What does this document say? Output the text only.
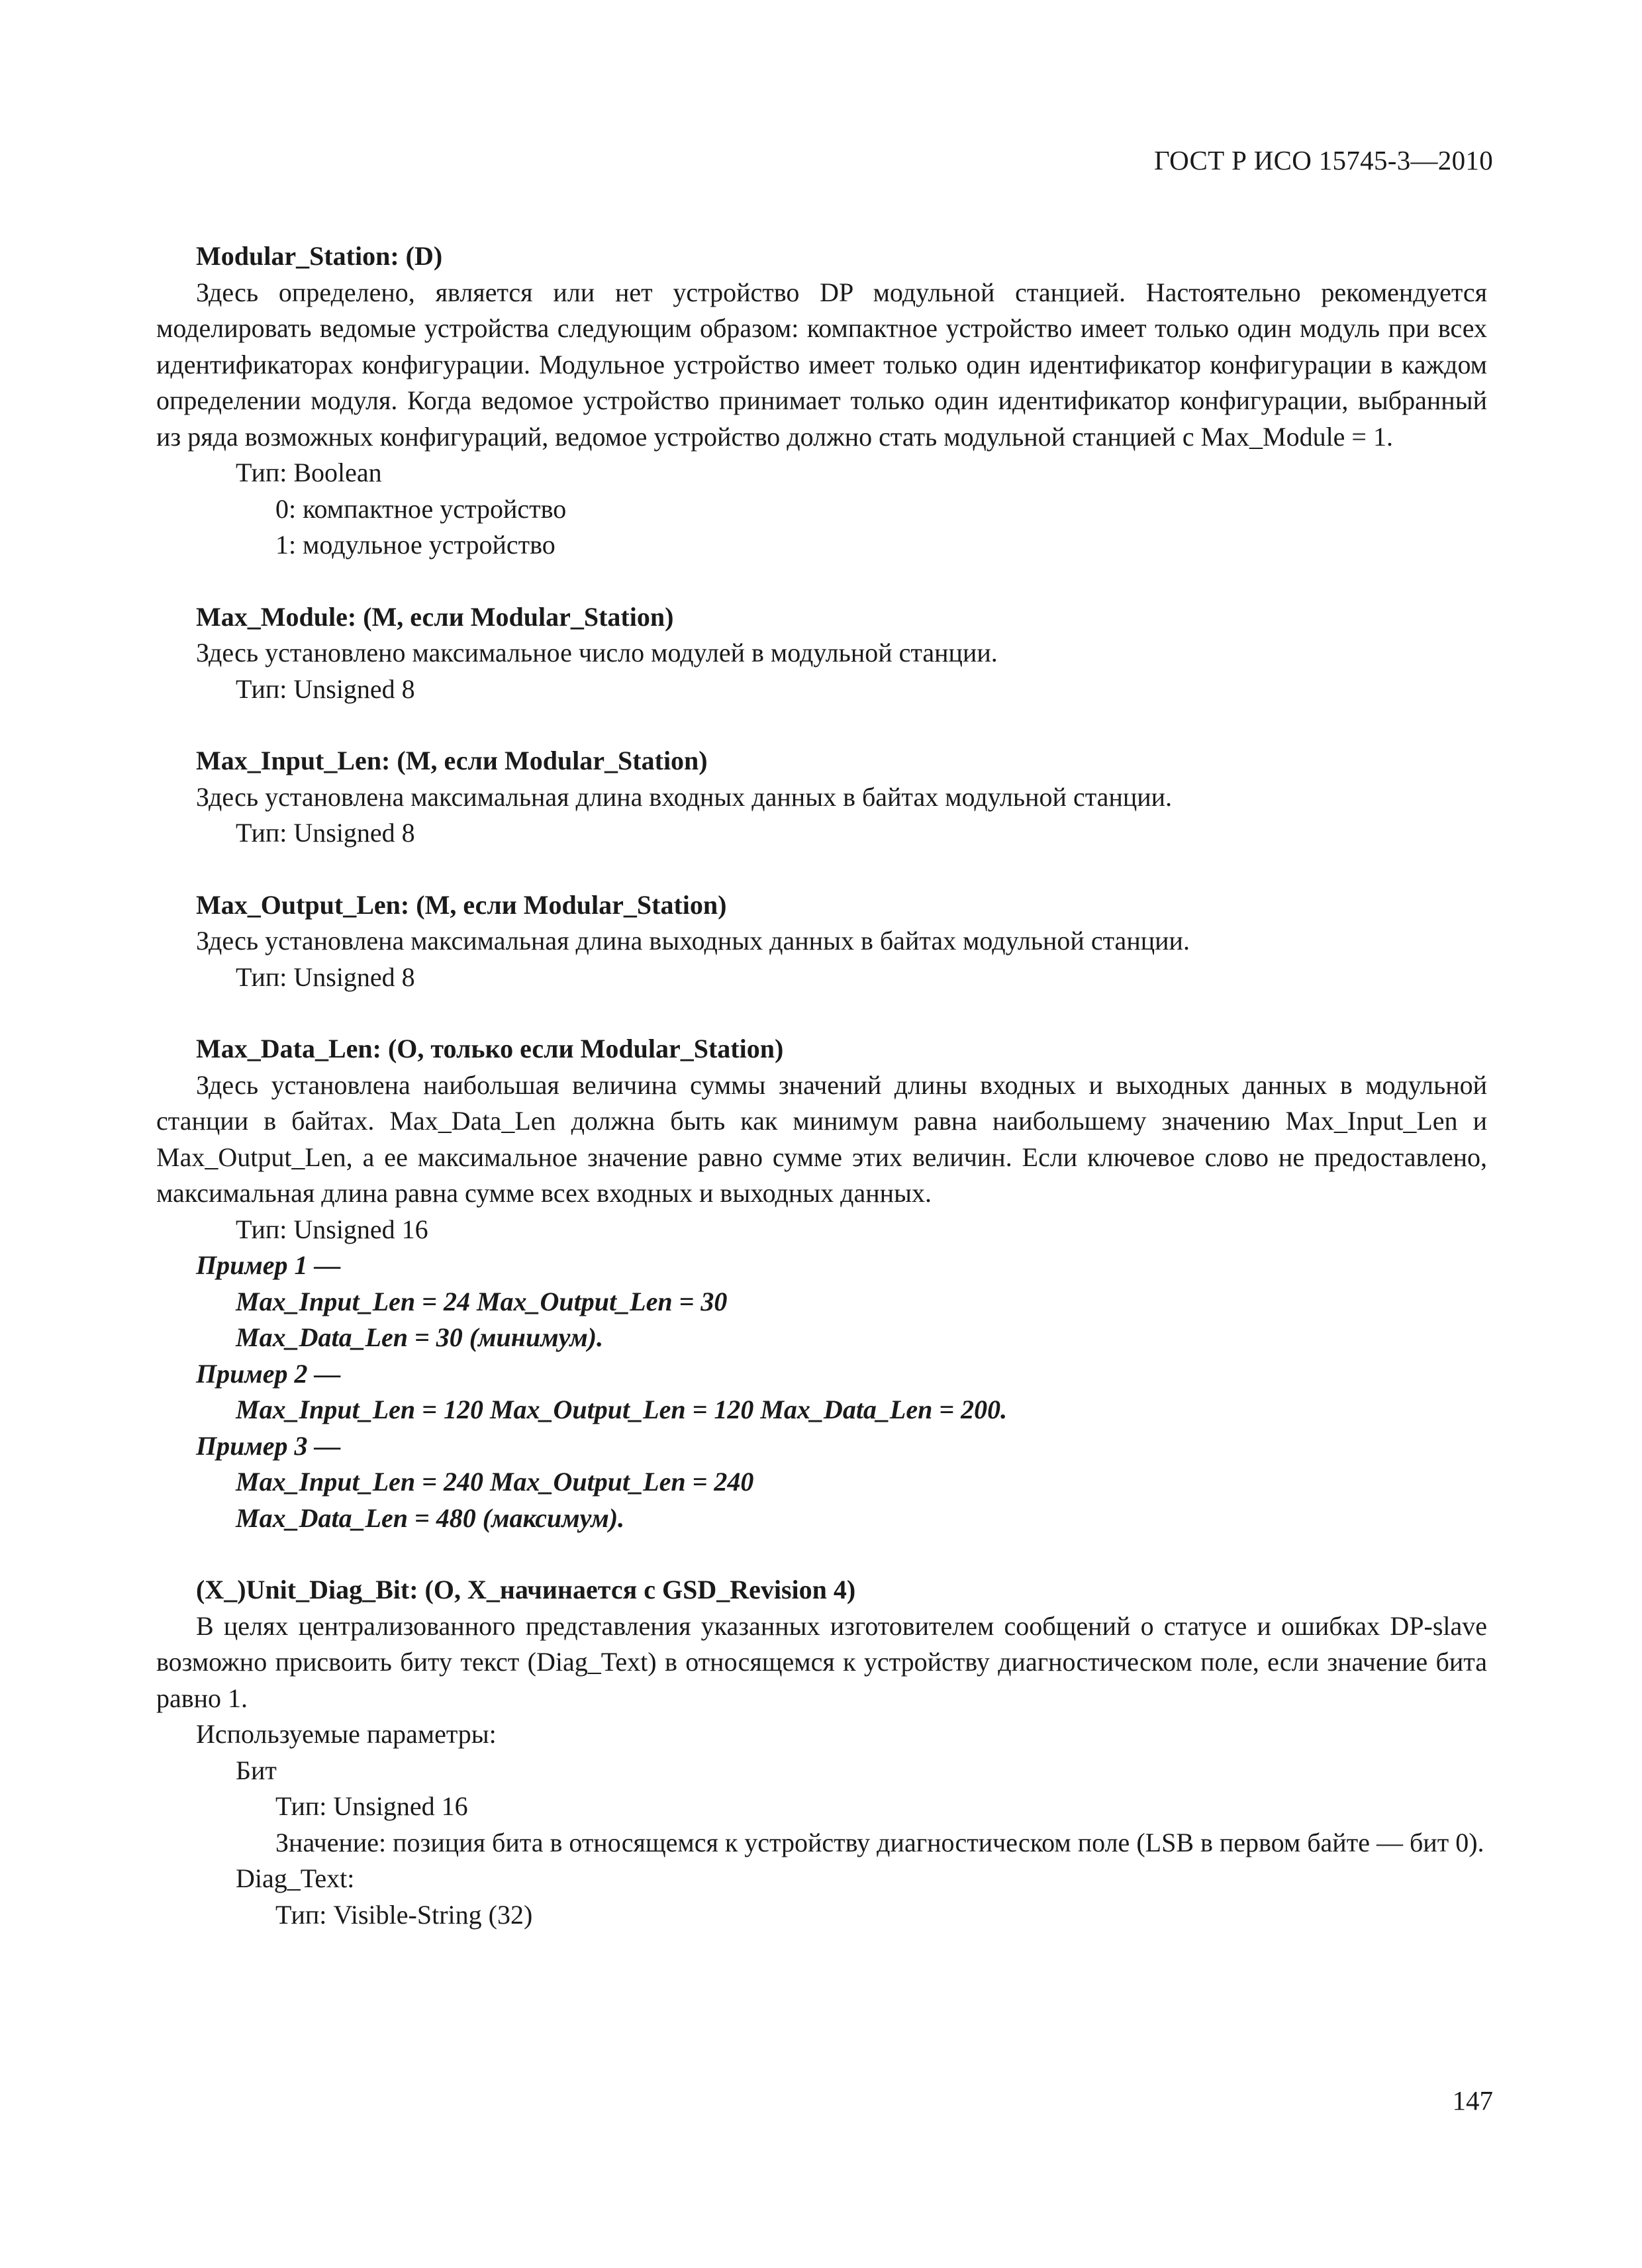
ГОСТ Р ИСО 15745-3—2010
Modular_Station: (D)
Здесь определено, является или нет устройство DP модульной станцией. Настоятельно рекомендуется моделировать ведомые устройства следующим образом: компактное устройство имеет только один модуль при всех идентификаторах конфигурации. Модульное устройство имеет только один идентификатор конфигурации в каждом определении модуля. Когда ведомое устройство принимает только один идентификатор конфигурации, выбранный из ряда возможных конфигураций, ведомое устройство должно стать модульной станцией с Max_Module = 1.
Тип: Boolean
0: компактное устройство
1: модульное устройство
Max_Module: (M, если Modular_Station)
Здесь установлено максимальное число модулей в модульной станции.
Тип: Unsigned 8
Max_Input_Len: (M, если Modular_Station)
Здесь установлена максимальная длина входных данных в байтах модульной станции.
Тип: Unsigned 8
Max_Output_Len: (M, если Modular_Station)
Здесь установлена максимальная длина выходных данных в байтах модульной станции.
Тип: Unsigned 8
Max_Data_Len: (O, только если Modular_Station)
Здесь установлена наибольшая величина суммы значений длины входных и выходных данных в модульной станции в байтах. Max_Data_Len должна быть как минимум равна наибольшему значению Max_Input_Len и Max_Output_Len, а ее максимальное значение равно сумме этих величин. Если ключевое слово не предоставлено, максимальная длина равна сумме всех входных и выходных данных.
Тип: Unsigned 16
Пример 1 —
Max_Input_Len = 24 Max_Output_Len = 30
Max_Data_Len = 30 (минимум).
Пример 2 —
Max_Input_Len = 120 Max_Output_Len = 120 Max_Data_Len = 200.
Пример 3 —
Max_Input_Len = 240 Max_Output_Len = 240
Max_Data_Len = 480 (максимум).
(X_)Unit_Diag_Bit: (O, X_начинается с GSD_Revision 4)
В целях централизованного представления указанных изготовителем сообщений о статусе и ошибках DP-slave возможно присвоить биту текст (Diag_Text) в относящемся к устройству диагностическом поле, если значение бита равно 1.
Используемые параметры:
Бит
Тип: Unsigned 16
Значение: позиция бита в относящемся к устройству диагностическом поле (LSB в первом байте — бит 0).
Diag_Text:
Тип: Visible-String (32)
147
